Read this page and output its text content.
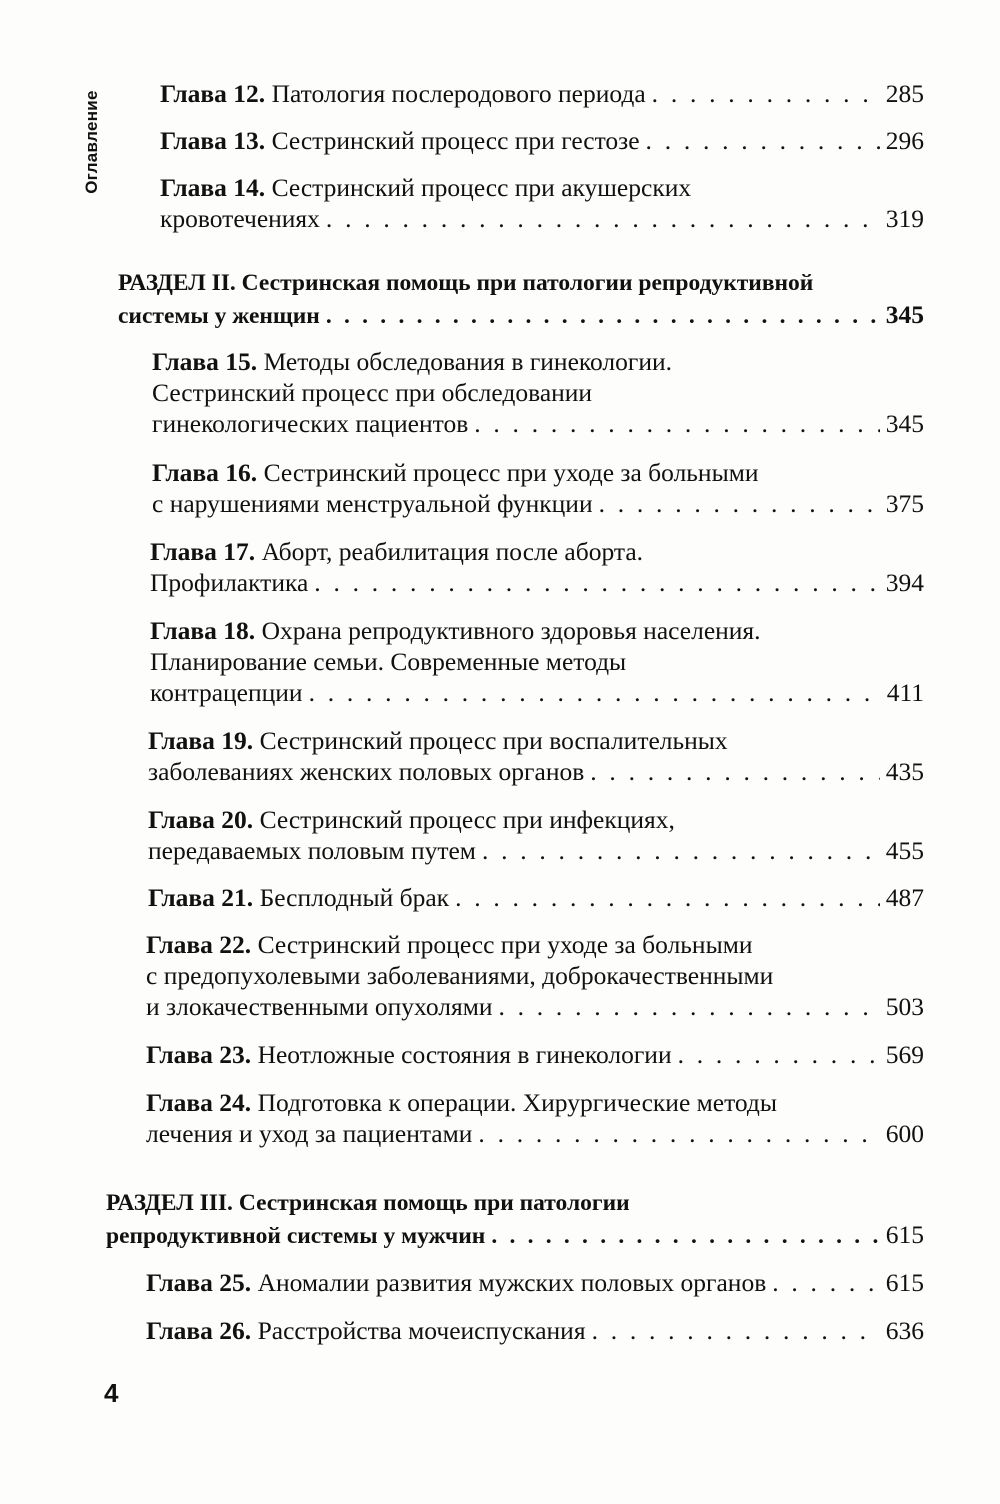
Оглавление Глава 12. Патология послеродового периода . . .	285
Глава 13. Сестринский процесс при гестозе . . .	296
Глава 14. Сестринский процесс при акушерских
кровотечениях . . .	319
РАЗДЕЛ II. Сестринская помощь при патологии репродуктивной
системы у женщин . . .	345
Глава 15. Методы обследования в гинекологии.
Сестринский процесс при обследовании
гинекологических пациентов . . .	345
Глава 16. Сестринский процесс при уходе за больными
с нарушениями менструальной функции . . .	375
Глава 17. Аборт, реабилитация после аборта.
Профилактика . . .	394
Глава 18. Охрана репродуктивного здоровья населения.
Планирование семьи. Современные методы
контрацепции . . .	411
Глава 19. Сестринский процесс при воспалительных
заболеваниях женских половых органов . . .	435
Глава 20. Сестринский процесс при инфекциях,
передаваемых половым путем . . .	455
Глава 21. Бесплодный брак . . .	487
Глава 22. Сестринский процесс при уходе за больными
с предопухолевыми заболеваниями, доброкачественными
и злокачественными опухолями . . .	503
Глава 23. Неотложные состояния в гинекологии . . .	569
Глава 24. Подготовка к операции. Хирургические методы
лечения и уход за пациентами . . .	600
РАЗДЕЛ III. Сестринская помощь при патологии
репродуктивной системы у мужчин . . .	615
Глава 25. Аномалии развития мужских половых органов . . .	615
Глава 26. Расстройства мочеиспускания . . .	636
4
